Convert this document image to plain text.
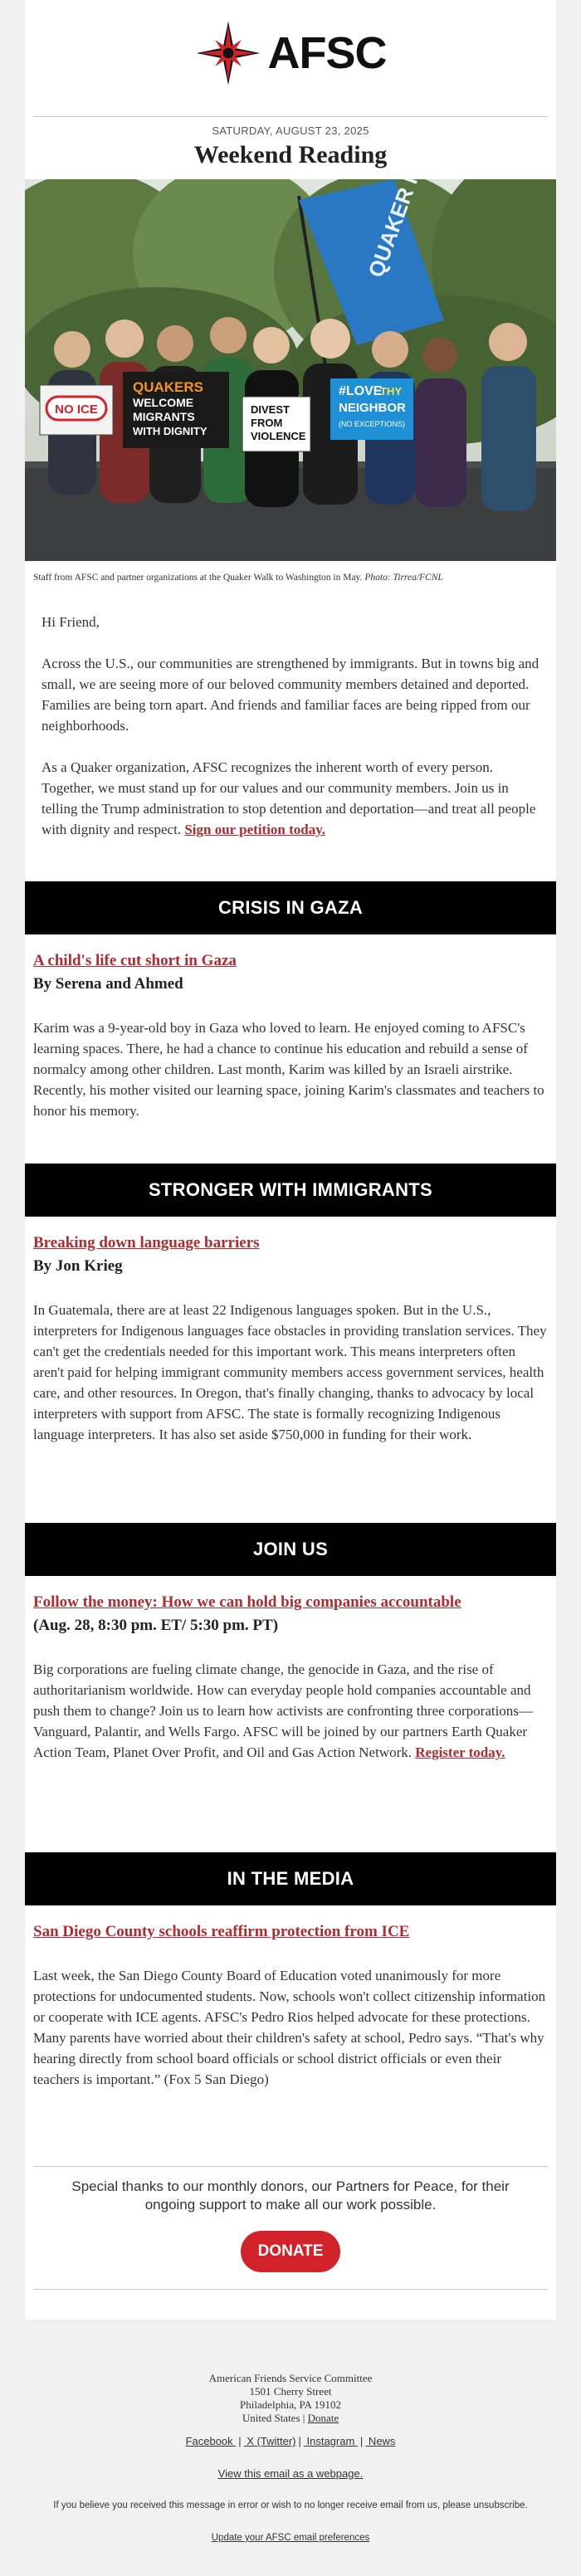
AFSC
SATURDAY, AUGUST 23, 2025
Weekend Reading
QUAKER
NO ICE
QUAKERS
WELCOME
MIGRANTS
WITH DIGNITY
DIVEST
FROM
VIOLENCE
#LOVE
THY
NEIGHBOR
(NO EXCEPTIONS)
Staff from AFSC and partner organizations at the Quaker Walk to Washington in May. Photo: Tirrea/FCNL

Hi Friend,

Across the U.S., our communities are strengthened by immigrants. But in towns big and small, we are seeing more of our beloved community members detained and deported. Families are being torn apart. And friends and familiar faces are being ripped from our neighborhoods.

As a Quaker organization, AFSC recognizes the inherent worth of every person. Together, we must stand up for our values and our community members. Join us in telling the Trump administration to stop detention and deportation—and treat all people with dignity and respect. Sign our petition today.

CRISIS IN GAZA
A child's life cut short in Gaza
By Serena and Ahmed

Karim was a 9-year-old boy in Gaza who loved to learn. He enjoyed coming to AFSC's learning spaces. There, he had a chance to continue his education and rebuild a sense of normalcy among other children. Last month, Karim was killed by an Israeli airstrike. Recently, his mother visited our learning space, joining Karim's classmates and teachers to honor his memory.

STRONGER WITH IMMIGRANTS
Breaking down language barriers
By Jon Krieg

In Guatemala, there are at least 22 Indigenous languages spoken. But in the U.S., interpreters for Indigenous languages face obstacles in providing translation services. They can't get the credentials needed for this important work. This means interpreters often aren't paid for helping immigrant community members access government services, health care, and other resources. In Oregon, that's finally changing, thanks to advocacy by local interpreters with support from AFSC. The state is formally recognizing Indigenous language interpreters. It has also set aside $750,000 in funding for their work.

JOIN US
Follow the money: How we can hold big companies accountable
(Aug. 28, 8:30 pm. ET/ 5:30 pm. PT)

Big corporations are fueling climate change, the genocide in Gaza, and the rise of authoritarianism worldwide. How can everyday people hold companies accountable and push them to change? Join us to learn how activists are confronting three corporations—Vanguard, Palantir, and Wells Fargo. AFSC will be joined by our partners Earth Quaker Action Team, Planet Over Profit, and Oil and Gas Action Network. Register today.

IN THE MEDIA
San Diego County schools reaffirm protection from ICE

Last week, the San Diego County Board of Education voted unanimously for more protections for undocumented students. Now, schools won't collect citizenship information or cooperate with ICE agents. AFSC's Pedro Rios helped advocate for these protections. Many parents have worried about their children's safety at school, Pedro says. “That's why hearing directly from school board officials or school district officials or even their teachers is important.” (Fox 5 San Diego)

Special thanks to our monthly donors, our Partners for Peace, for their ongoing support to make all our work possible.
DONATE
American Friends Service Committee
1501 Cherry Street
Philadelphia, PA 19102
United States | Donate
Facebook | X (Twitter) | Instagram | News
View this email as a webpage.
If you believe you received this message in error or wish to no longer receive email from us, please unsubscribe.
Update your AFSC email preferences
